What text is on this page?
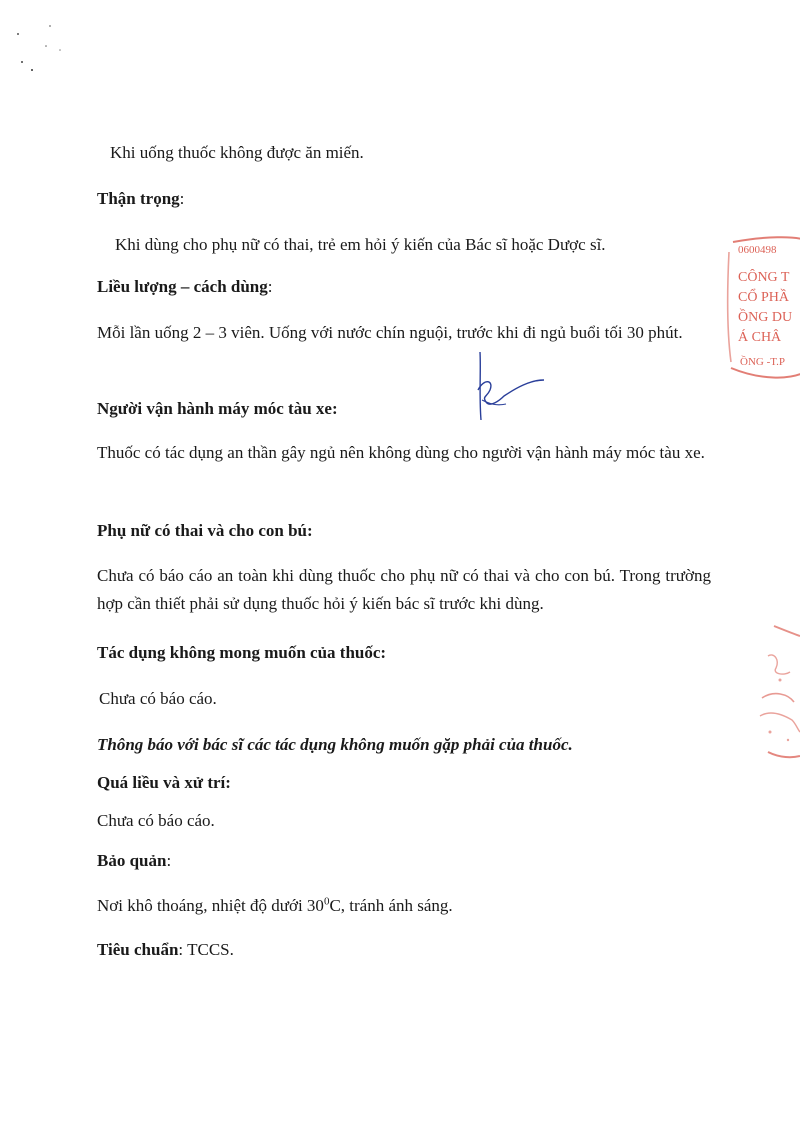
Khi uống thuốc không được ăn miến.
Thận trọng:
Khi dùng cho phụ nữ có thai, trẻ em hỏi ý kiến của Bác sĩ hoặc Dược sĩ.
Liều lượng – cách dùng:
Mỗi lần uống 2 – 3 viên. Uống với nước chín nguội, trước khi đi ngủ buổi tối 30 phút.
Người vận hành máy móc tàu xe:
Thuốc có tác dụng an thần gây ngủ nên không dùng cho người vận hành máy móc tàu xe.
Phụ nữ có thai và cho con bú:
Chưa có báo cáo an toàn khi dùng thuốc cho phụ nữ có thai và cho con bú. Trong trường hợp cần thiết phải sử dụng thuốc hỏi ý kiến bác sĩ trước khi dùng.
Tác dụng không mong muốn của thuốc:
Chưa có báo cáo.
Thông báo với bác sĩ các tác dụng không muốn gặp phải của thuốc.
Quá liều và xử trí:
Chưa có báo cáo.
Bảo quản:
Nơi khô thoáng, nhiệt độ dưới $30^0C$, tránh ánh sáng.
Tiêu chuẩn: TCCS.
0600498
CÔNG T
CỔ PHẦ
ỒNG DU
Á CHÂ
ỒNG -T.P
